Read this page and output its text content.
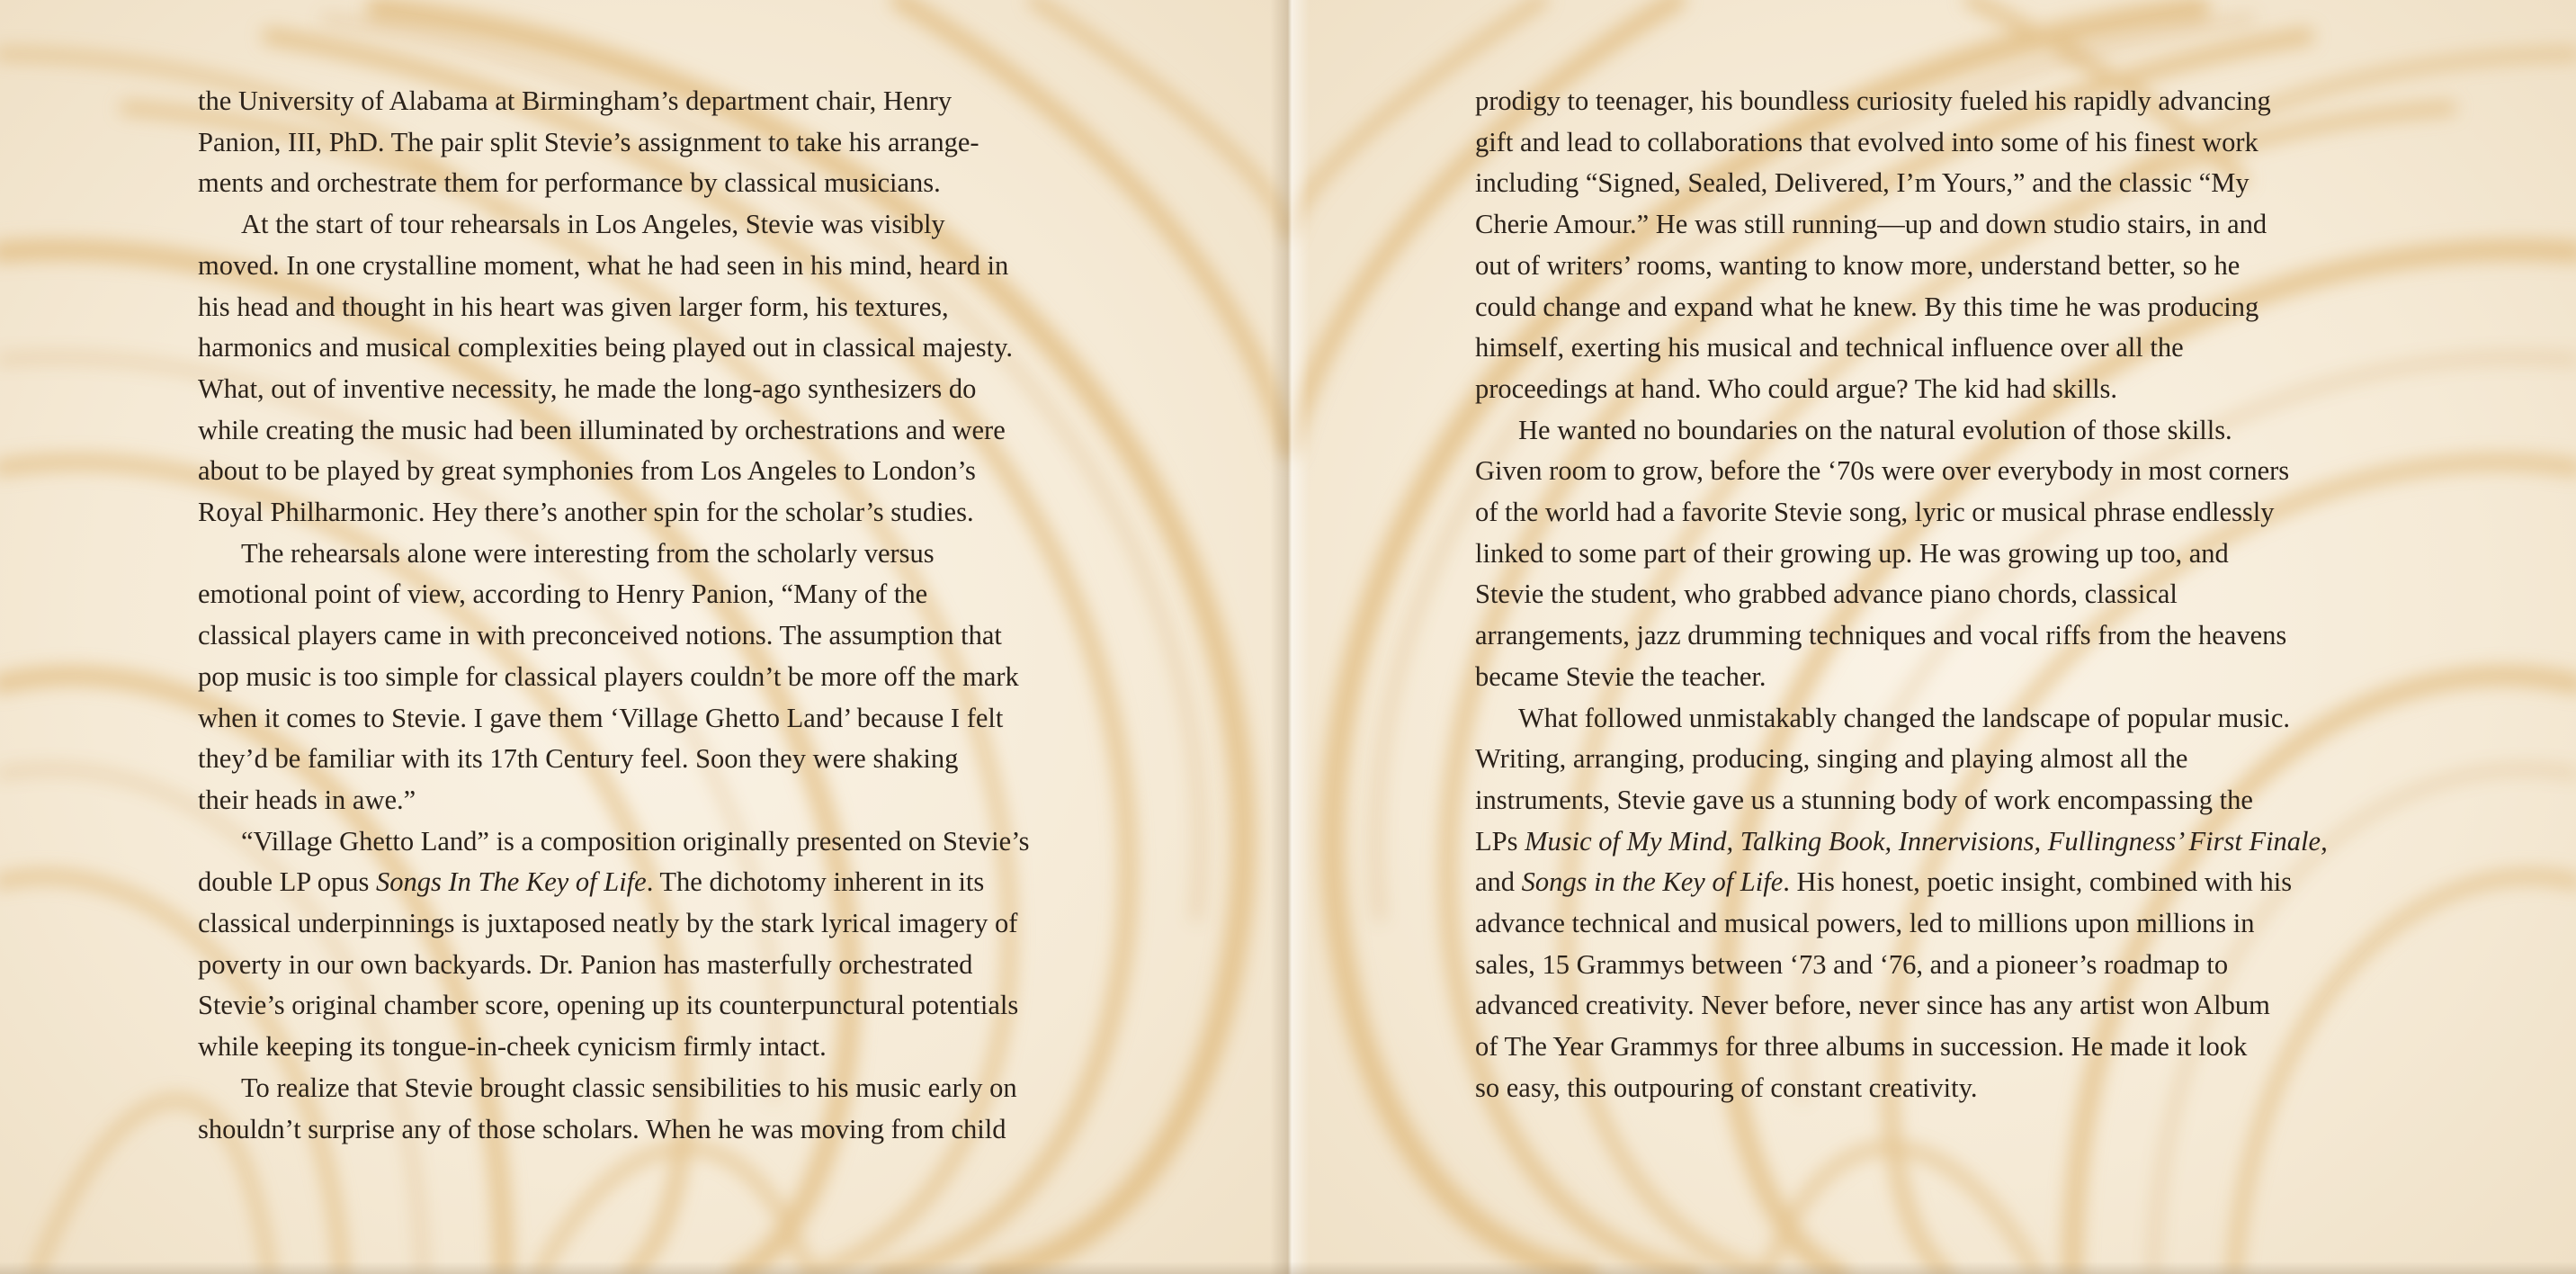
the University of Alabama at Birmingham’s department chair, Henry
Panion, III, PhD. The pair split Stevie’s assignment to take his arrange-
ments and orchestrate them for performance by classical musicians.
At the start of tour rehearsals in Los Angeles, Stevie was visibly
moved. In one crystalline moment, what he had seen in his mind, heard in
his head and thought in his heart was given larger form, his textures,
harmonics and musical complexities being played out in classical majesty.
What, out of inventive necessity, he made the long-ago synthesizers do
while creating the music had been illuminated by orchestrations and were
about to be played by great symphonies from Los Angeles to London’s
Royal Philharmonic. Hey there’s another spin for the scholar’s studies.
The rehearsals alone were interesting from the scholarly versus
emotional point of view, according to Henry Panion, “Many of the
classical players came in with preconceived notions. The assumption that
pop music is too simple for classical players couldn’t be more off the mark
when it comes to Stevie. I gave them ‘Village Ghetto Land’ because I felt
they’d be familiar with its 17th Century feel. Soon they were shaking
their heads in awe.”
“Village Ghetto Land” is a composition originally presented on Stevie’s
double LP opus Songs In The Key of Life. The dichotomy inherent in its
classical underpinnings is juxtaposed neatly by the stark lyrical imagery of
poverty in our own backyards. Dr. Panion has masterfully orchestrated
Stevie’s original chamber score, opening up its counterpunctural potentials
while keeping its tongue-in-cheek cynicism firmly intact.
To realize that Stevie brought classic sensibilities to his music early on
shouldn’t surprise any of those scholars. When he was moving from child
prodigy to teenager, his boundless curiosity fueled his rapidly advancing
gift and lead to collaborations that evolved into some of his finest work
including “Signed, Sealed, Delivered, I’m Yours,” and the classic “My
Cherie Amour.” He was still running—up and down studio stairs, in and
out of writers’ rooms, wanting to know more, understand better, so he
could change and expand what he knew. By this time he was producing
himself, exerting his musical and technical influence over all the
proceedings at hand. Who could argue? The kid had skills.
He wanted no boundaries on the natural evolution of those skills.
Given room to grow, before the ‘70s were over everybody in most corners
of the world had a favorite Stevie song, lyric or musical phrase endlessly
linked to some part of their growing up. He was growing up too, and
Stevie the student, who grabbed advance piano chords, classical
arrangements, jazz drumming techniques and vocal riffs from the heavens
became Stevie the teacher.
What followed unmistakably changed the landscape of popular music.
Writing, arranging, producing, singing and playing almost all the
instruments, Stevie gave us a stunning body of work encompassing the
LPs Music of My Mind, Talking Book, Innervisions, Fullingness’ First Finale,
and Songs in the Key of Life. His honest, poetic insight, combined with his
advance technical and musical powers, led to millions upon millions in
sales, 15 Grammys between ‘73 and ‘76, and a pioneer’s roadmap to
advanced creativity. Never before, never since has any artist won Album
of The Year Grammys for three albums in succession. He made it look
so easy, this outpouring of constant creativity.
